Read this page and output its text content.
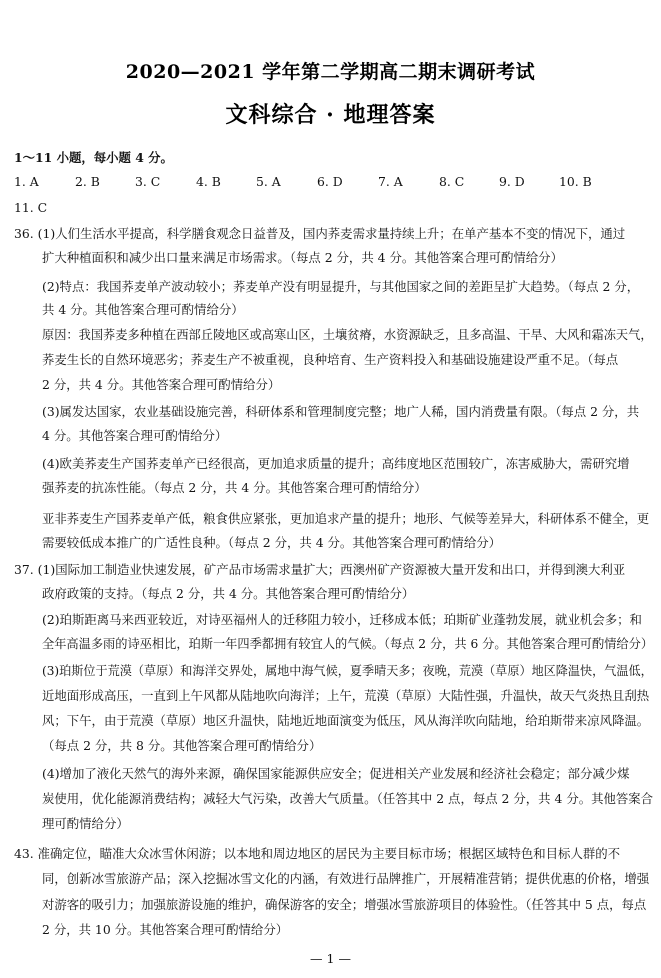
2020—2021 学年第二学期高二期末调研考试
文科综合 · 地理答案
1～11 小题，每小题 4 分。
1. A	2. B	3. C	4. B	5. A	6. D	7. A	8. C	9. D	10. B
11. C
36. (1)人们生活水平提高，科学膳食观念日益普及，国内荞麦需求量持续上升；在单产基本不变的情况下，通过
扩大种植面积和减少出口量来满足市场需求。（每点 2 分，共 4 分。其他答案合理可酌情给分）
(2)特点：我国荞麦单产波动较小；荞麦单产没有明显提升，与其他国家之间的差距呈扩大趋势。（每点 2 分，
共 4 分。其他答案合理可酌情给分）
原因：我国荞麦多种植在西部丘陵地区或高寒山区，土壤贫瘠，水资源缺乏，且多高温、干旱、大风和霜冻天气，
荞麦生长的自然环境恶劣；荞麦生产不被重视，良种培育、生产资料投入和基础设施建设严重不足。（每点
2 分，共 4 分。其他答案合理可酌情给分）
(3)属发达国家，农业基础设施完善，科研体系和管理制度完整；地广人稀，国内消费量有限。（每点 2 分，共
4 分。其他答案合理可酌情给分）
(4)欧美荞麦生产国荞麦单产已经很高，更加追求质量的提升；高纬度地区范围较广，冻害威胁大，需研究增
强荞麦的抗冻性能。（每点 2 分，共 4 分。其他答案合理可酌情给分）
亚非荞麦生产国荞麦单产低，粮食供应紧张，更加追求产量的提升；地形、气候等差异大，科研体系不健全，更
需要较低成本推广的广适性良种。（每点 2 分，共 4 分。其他答案合理可酌情给分）
37. (1)国际加工制造业快速发展，矿产品市场需求量扩大；西澳州矿产资源被大量开发和出口，并得到澳大利亚
政府政策的支持。（每点 2 分，共 4 分。其他答案合理可酌情给分）
(2)珀斯距离马来西亚较近，对诗巫福州人的迁移阻力较小，迁移成本低；珀斯矿业蓬勃发展，就业机会多；和
全年高温多雨的诗巫相比，珀斯一年四季都拥有较宜人的气候。（每点 2 分，共 6 分。其他答案合理可酌情给分）
(3)珀斯位于荒漠（草原）和海洋交界处，属地中海气候，夏季晴天多；夜晚，荒漠（草原）地区降温快，气温低，
近地面形成高压，一直到上午风都从陆地吹向海洋；上午，荒漠（草原）大陆性强，升温快，故天气炎热且刮热
风；下午，由于荒漠（草原）地区升温快，陆地近地面演变为低压，风从海洋吹向陆地，给珀斯带来凉风降温。
（每点 2 分，共 8 分。其他答案合理可酌情给分）
(4)增加了液化天然气的海外来源，确保国家能源供应安全；促进相关产业发展和经济社会稳定；部分减少煤
炭使用，优化能源消费结构；减轻大气污染，改善大气质量。（任答其中 2 点，每点 2 分，共 4 分。其他答案合
理可酌情给分）
43. 准确定位，瞄准大众冰雪休闲游；以本地和周边地区的居民为主要目标市场；根据区域特色和目标人群的不
同，创新冰雪旅游产品；深入挖掘冰雪文化的内涵，有效进行品牌推广，开展精准营销；提供优惠的价格，增强
对游客的吸引力；加强旅游设施的维护，确保游客的安全；增强冰雪旅游项目的体验性。（任答其中 5 点，每点
2 分，共 10 分。其他答案合理可酌情给分）
— 1 —
